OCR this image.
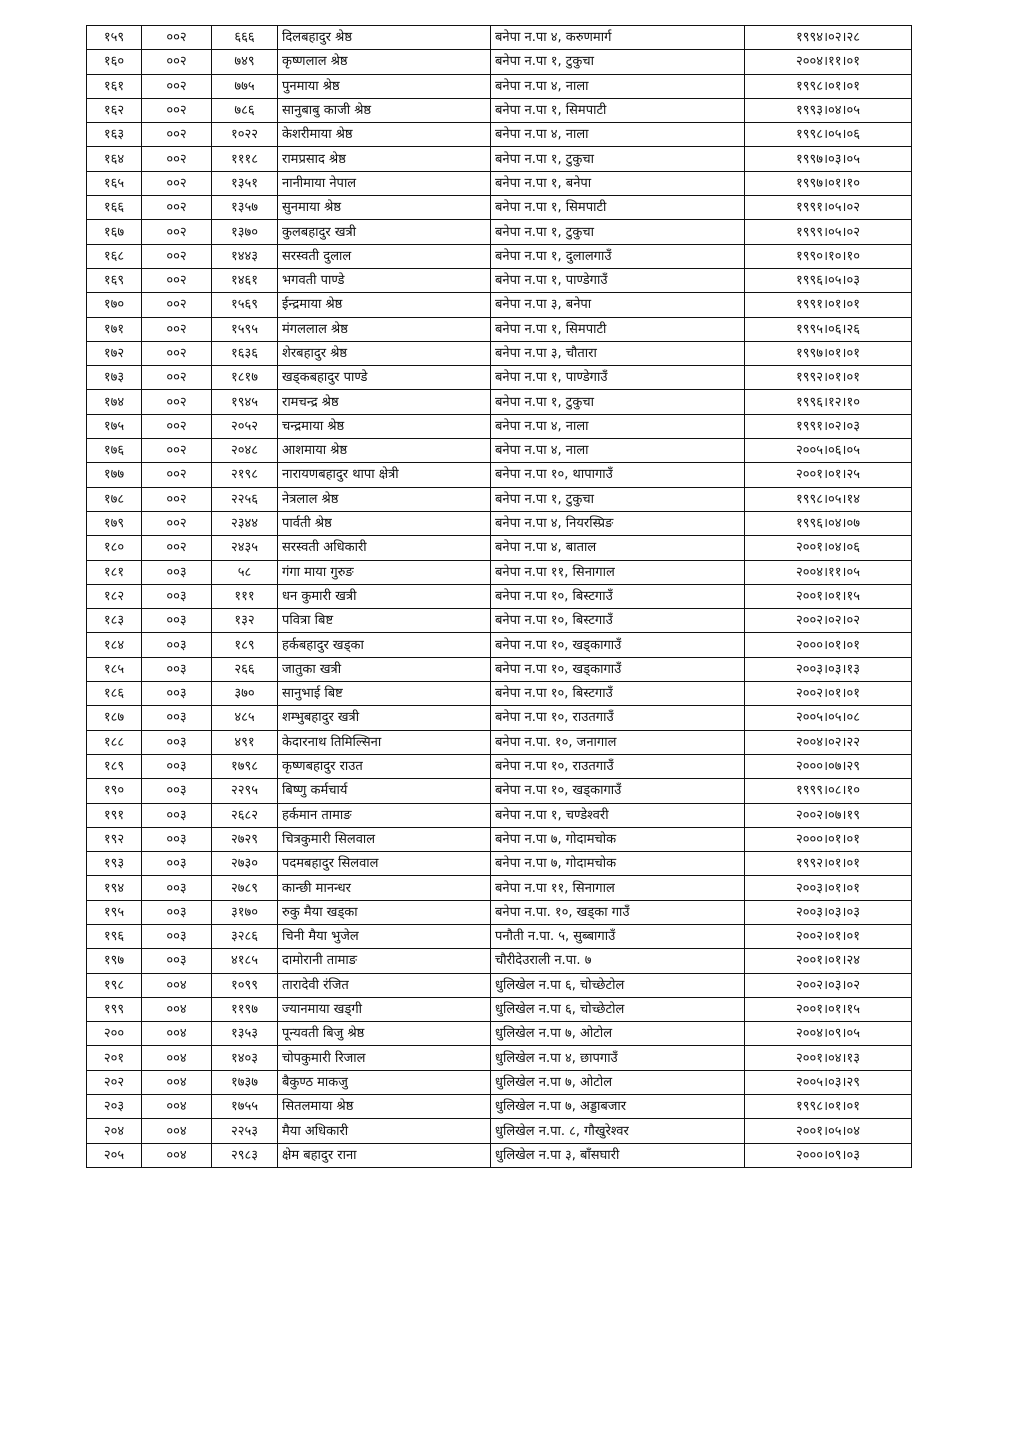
१५९	००२	६६६	दिलबहादुर श्रेष्ठ	बनेपा न.पा ४, करुणमार्ग	१९९४।०२।२८
१६०	००२	७४९	कृष्णलाल श्रेष्ठ	बनेपा न.पा १, टुकुचा	२००४।११।०१
१६१	००२	७७५	पुनमाया श्रेष्ठ	बनेपा न.पा ४, नाला	१९९८।०१।०१
१६२	००२	७८६	सानुबाबु काजी श्रेष्ठ	बनेपा न.पा १, सिमपाटी	१९९३।०४।०५
१६३	००२	१०२२	केशरीमाया श्रेष्ठ	बनेपा न.पा ४, नाला	१९९८।०५।०६
१६४	००२	१११८	रामप्रसाद श्रेष्ठ	बनेपा न.पा १, टुकुचा	१९९७।०३।०५
१६५	००२	१३५१	नानीमाया नेपाल	बनेपा न.पा १, बनेपा	१९९७।०१।१०
१६६	००२	१३५७	सुनमाया श्रेष्ठ	बनेपा न.पा १, सिमपाटी	१९९१।०५।०२
१६७	००२	१३७०	कुलबहादुर खत्री	बनेपा न.पा १, टुकुचा	१९९९।०५।०२
१६८	००२	१४४३	सरस्वती दुलाल	बनेपा न.पा १, दुलालगाउँ	१९९०।१०।१०
१६९	००२	१४६१	भगवती पाण्डे	बनेपा न.पा १, पाण्डेगाउँ	१९९६।०५।०३
१७०	००२	१५६९	ईन्द्रमाया श्रेष्ठ	बनेपा न.पा ३, बनेपा	१९९१।०१।०१
१७१	००२	१५९५	मंगललाल श्रेष्ठ	बनेपा न.पा १, सिमपाटी	१९९५।०६।२६
१७२	००२	१६३६	शेरबहादुर श्रेष्ठ	बनेपा न.पा ३, चौतारा	१९९७।०१।०१
१७३	००२	१८१७	खड्कबहादुर पाण्डे	बनेपा न.पा १, पाण्डेगाउँ	१९९२।०१।०१
१७४	००२	१९४५	रामचन्द्र श्रेष्ठ	बनेपा न.पा १, टुकुचा	१९९६।१२।१०
१७५	००२	२०५२	चन्द्रमाया श्रेष्ठ	बनेपा न.पा ४, नाला	१९९१।०२।०३
१७६	००२	२०४८	आशमाया श्रेष्ठ	बनेपा न.पा ४, नाला	२००५।०६।०५
१७७	००२	२१९८	नारायणबहादुर थापा क्षेत्री	बनेपा न.पा १०, थापागाउँ	२००१।०१।२५
१७८	००२	२२५६	नेत्रलाल श्रेष्ठ	बनेपा न.पा १, टुकुचा	१९९८।०५।१४
१७९	००२	२३४४	पार्वती श्रेष्ठ	बनेपा न.पा ४, नियरस्प्रिङ	१९९६।०४।०७
१८०	००२	२४३५	सरस्वती अधिकारी	बनेपा न.पा ४, बाताल	२००१।०४।०६
१८१	००३	५८	गंगा माया गुरुङ	बनेपा न.पा ११, सिनागाल	२००४।११।०५
१८२	००३	१११	धन कुमारी खत्री	बनेपा न.पा १०, बिस्टगाउँ	२००१।०१।१५
१८३	००३	१३२	पवित्रा बिष्ट	बनेपा न.पा १०, बिस्टगाउँ	२००२।०२।०२
१८४	००३	१८९	हर्कबहादुर खड्का	बनेपा न.पा १०, खड्कागाउँ	२०००।०१।०१
१८५	००३	२६६	जातुका खत्री	बनेपा न.पा १०, खड्कागाउँ	२००३।०३।१३
१८६	००३	३७०	सानुभाई बिष्ट	बनेपा न.पा १०, बिस्टगाउँ	२००२।०१।०१
१८७	००३	४८५	शम्भुबहादुर खत्री	बनेपा न.पा १०, राउतगाउँ	२००५।०५।०८
१८८	००३	४९१	केदारनाथ तिमिल्सिना	बनेपा न.पा. १०, जनागाल	२००४।०२।२२
१८९	००३	१७९८	कृष्णबहादुर राउत	बनेपा न.पा १०, राउतगाउँ	२०००।०७।२९
१९०	००३	२२९५	बिष्णु कर्मचार्य	बनेपा न.पा १०, खड्कागाउँ	१९९९।०८।१०
१९१	००३	२६८२	हर्कमान तामाङ	बनेपा न.पा १, चण्डेश्वरी	२००२।०७।१९
१९२	००३	२७२९	चित्रकुमारी सिलवाल	बनेपा न.पा ७, गोदामचोक	२०००।०१।०१
१९३	००३	२७३०	पदमबहादुर सिलवाल	बनेपा न.पा ७, गोदामचोक	१९९२।०१।०१
१९४	००३	२७८९	कान्छी मानन्धर	बनेपा न.पा ११, सिनागाल	२००३।०१।०१
१९५	००३	३१७०	रुकु मैया खड्का	बनेपा न.पा. १०, खड्का गाउँ	२००३।०३।०३
१९६	००३	३२८६	चिनी मैया भुजेल	पनौती न.पा. ५, सुब्बागाउँ	२००२।०१।०१
१९७	००३	४१८५	दामोरानी तामाङ	चौरीदेउराली न.पा. ७	२००१।०१।२४
१९८	००४	१०९९	तारादेवी रंजित	धुलिखेल न.पा ६, चोच्छेटोल	२००२।०३।०२
१९९	००४	११९७	ज्यानमाया खड्गी	धुलिखेल न.पा ६, चोच्छेटोल	२००१।०१।१५
२००	००४	१३५३	पून्यवती बिजु श्रेष्ठ	धुलिखेल न.पा ७, ओटोल	२००४।०९।०५
२०१	००४	१४०३	चोपकुमारी रिजाल	धुलिखेल न.पा ४, छापगाउँ	२००१।०४।१३
२०२	००४	१७३७	बैकुण्ठ माकजु	धुलिखेल न.पा ७, ओटोल	२००५।०३।२९
२०३	००४	१७५५	सितलमाया श्रेष्ठ	धुलिखेल न.पा ७, अड्डाबजार	१९९८।०१।०१
२०४	००४	२२५३	मैया अधिकारी	धुलिखेल न.पा. ८, गौखुरेश्वर	२००१।०५।०४
२०५	००४	२९८३	क्षेम बहादुर राना	धुलिखेल न.पा ३, बाँसघारी	२०००।०९।०३
